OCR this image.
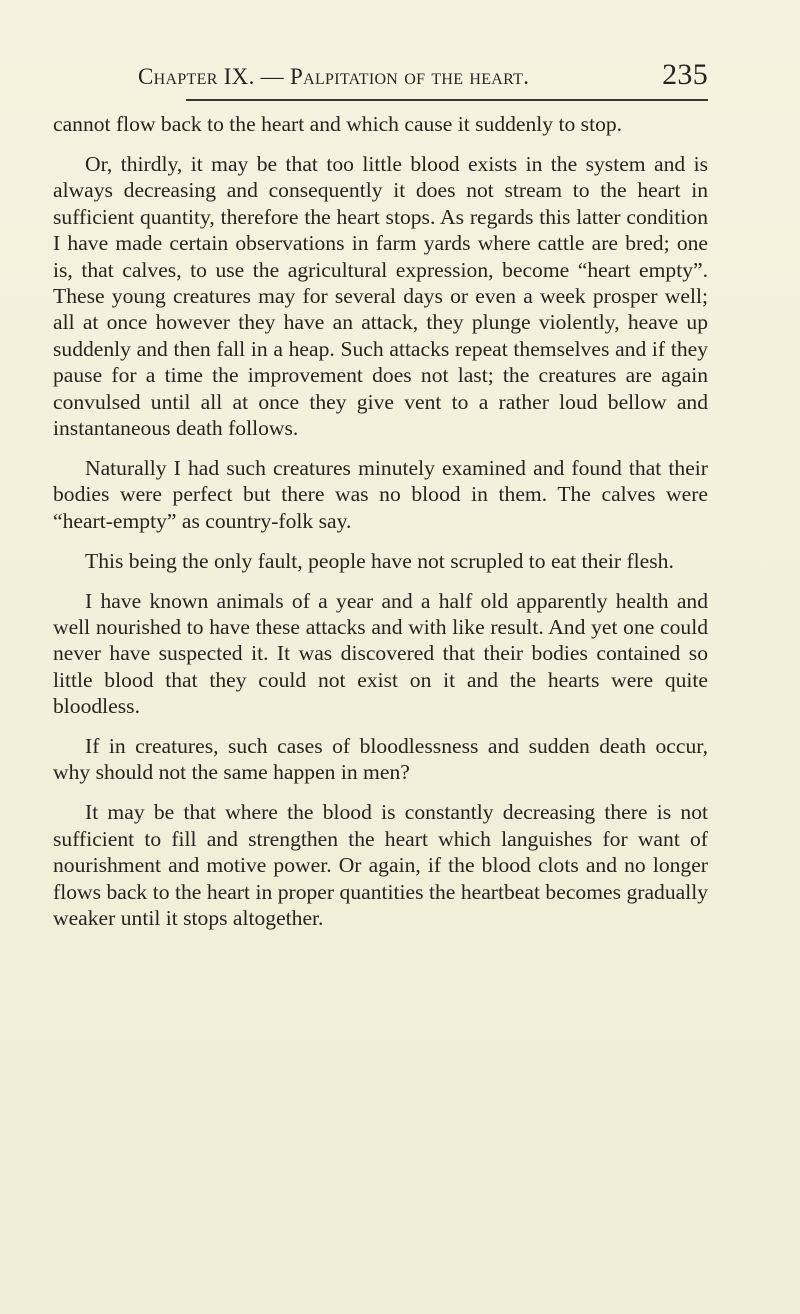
Chapter IX. — Palpitation of the heart.	235

cannot flow back to the heart and which cause it suddenly to stop.

Or, thirdly, it may be that too little blood exists in the system and is always decreasing and consequently it does not stream to the heart in sufficient quantity, therefore the heart stops. As regards this latter condition I have made certain observations in farm yards where cattle are bred; one is, that calves, to use the agricultural expression, become “heart empty”. These young creatures may for several days or even a week prosper well; all at once however they have an attack, they plunge violently, heave up suddenly and then fall in a heap. Such attacks repeat themselves and if they pause for a time the improvement does not last; the creatures are again convulsed until all at once they give vent to a rather loud bellow and instantaneous death follows.

Naturally I had such creatures minutely examined and found that their bodies were perfect but there was no blood in them. The calves were “heart-empty” as country-folk say.

This being the only fault, people have not scrupled to eat their flesh.

I have known animals of a year and a half old apparently health and well nourished to have these attacks and with like result. And yet one could never have suspected it. It was discovered that their bodies contained so little blood that they could not exist on it and the hearts were quite bloodless.

If in creatures, such cases of bloodlessness and sudden death occur, why should not the same happen in men?

It may be that where the blood is constantly decreasing there is not sufficient to fill and strengthen the heart which languishes for want of nourishment and motive power. Or again, if the blood clots and no longer flows back to the heart in proper quantities the heartbeat becomes gradually weaker until it stops altogether.
